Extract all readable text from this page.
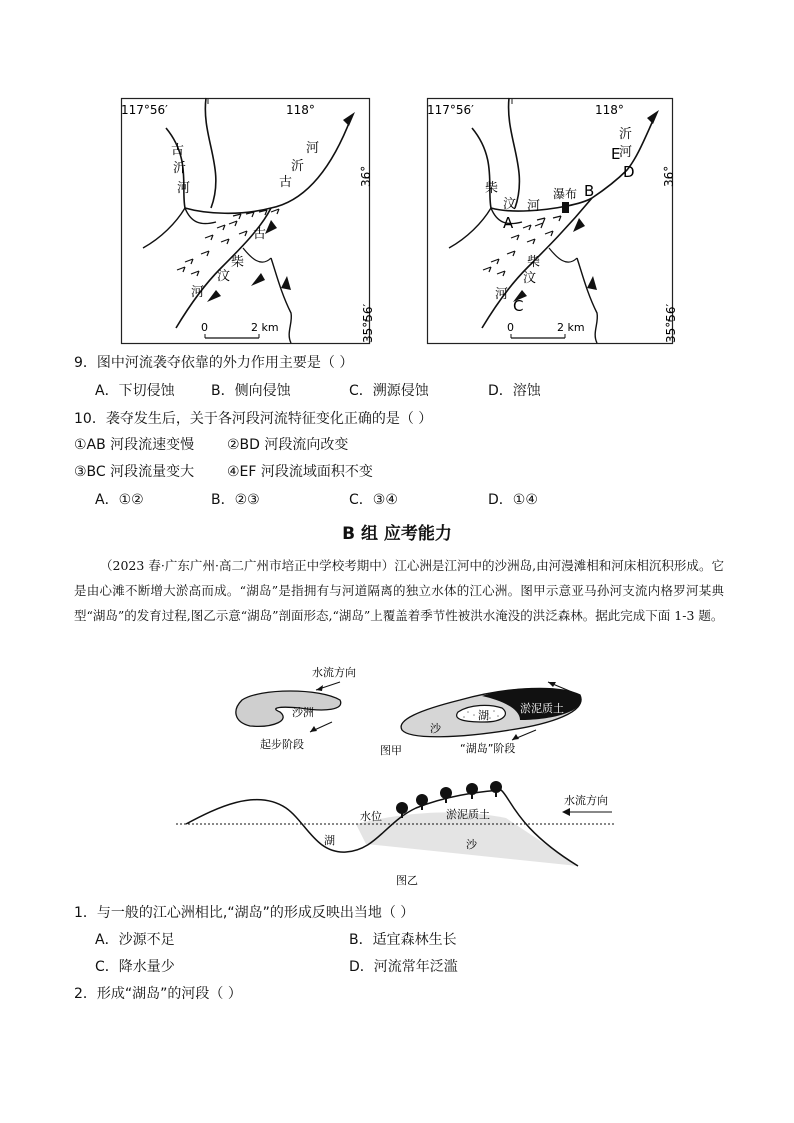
117°56′	118°
36°
35°56′
古
沂
河
河
沂
古
柴
汶
古
河
0	2 km
117°56′	118°
36°
35°56′
柴
汶 河
沂
河
柴
汶
河
瀑布
A
B
C
D
E
0	2 km
9．图中河流袭夺依靠的外力作用主要是（ ）
A．下切侵蚀	B．侧向侵蚀	C．溯源侵蚀	D．溶蚀
10．袭夺发生后，关于各河段河流特征变化正确的是（ ）
①AB 河段流速变慢 ②BD 河段流向改变
③BC 河段流量变大 ④EF 河段流域面积不变
A．①②	B．②③	C．③④	D．①④
B 组 应考能力
（2023 春·广东广州·高二广州市培正中学校考期中）江心洲是江河中的沙洲岛,由河漫滩相和河床相沉积形成。它是由心滩不断增大淤高而成。“湖岛”是指拥有与河道隔离的独立水体的江心洲。图甲示意亚马孙河支流内格罗河某典型“湖岛”的发育过程,图乙示意“湖岛”剖面形态,“湖岛”上覆盖着季节性被洪水淹没的洪泛森林。据此完成下面 1-3 题。
水流方向
沙洲
起步阶段
沙
湖
淤泥质土
“湖岛”阶段
图甲
水位	淤泥质土
水流方向
湖	沙
图乙
1．与一般的江心洲相比,“湖岛”的形成反映出当地（ ）
A．沙源不足	B．适宜森林生长
C．降水量少	D．河流常年泛滥
2．形成“湖岛”的河段（ ）
